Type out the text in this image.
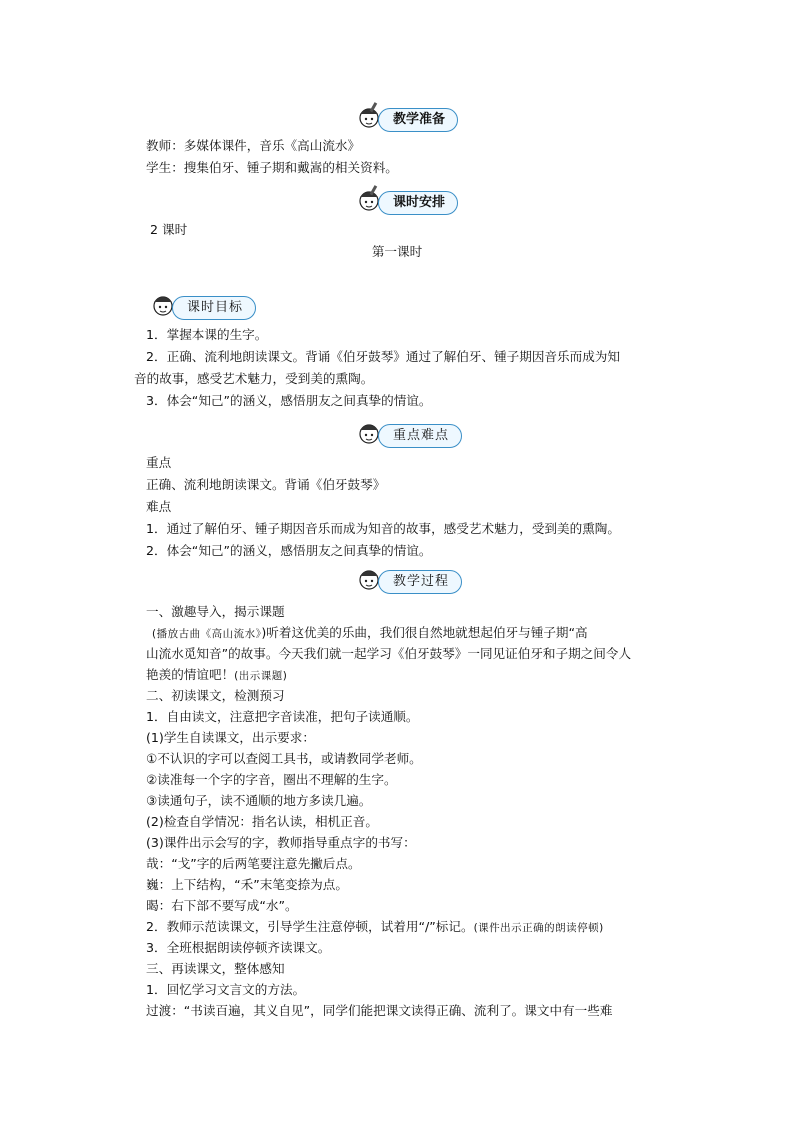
教学准备
教师：多媒体课件，音乐《高山流水》
学生：搜集伯牙、锺子期和戴嵩的相关资料。
课时安排
2 课时
第一课时
课时目标
1．掌握本课的生字。
2．正确、流利地朗读课文。背诵《伯牙鼓琴》通过了解伯牙、锺子期因音乐而成为知
音的故事，感受艺术魅力，受到美的熏陶。
3．体会“知己”的涵义，感悟朋友之间真挚的情谊。
重点难点
重点
正确、流利地朗读课文。背诵《伯牙鼓琴》
难点
1．通过了解伯牙、锺子期因音乐而成为知音的故事，感受艺术魅力，受到美的熏陶。
2．体会“知己”的涵义，感悟朋友之间真挚的情谊。
教学过程
一、激趣导入，揭示课题
(播放古曲《高山流水》)听着这优美的乐曲，我们很自然地就想起伯牙与锺子期“高
山流水觅知音”的故事。今天我们就一起学习《伯牙鼓琴》一同见证伯牙和子期之间令人
艳羡的情谊吧！(出示课题)
二、初读课文，检测预习
1．自由读文，注意把字音读准，把句子读通顺。
(1)学生自读课文，出示要求：
①不认识的字可以查阅工具书，或请教同学老师。
②读准每一个字的字音，圈出不理解的生字。
③读通句子，读不通顺的地方多读几遍。
(2)检查自学情况：指名认读，相机正音。
(3)课件出示会写的字，教师指导重点字的书写：
哉：“戈”字的后两笔要注意先撇后点。
巍：上下结构，“禾”末笔变捺为点。
暍：右下部不要写成“水”。
2．教师示范读课文，引导学生注意停顿，试着用“/”标记。(课件出示正确的朗读停顿)
3．全班根据朗读停顿齐读课文。
三、再读课文，整体感知
1．回忆学习文言文的方法。
过渡：“书读百遍，其义自见”，同学们能把课文读得正确、流利了。课文中有一些难
